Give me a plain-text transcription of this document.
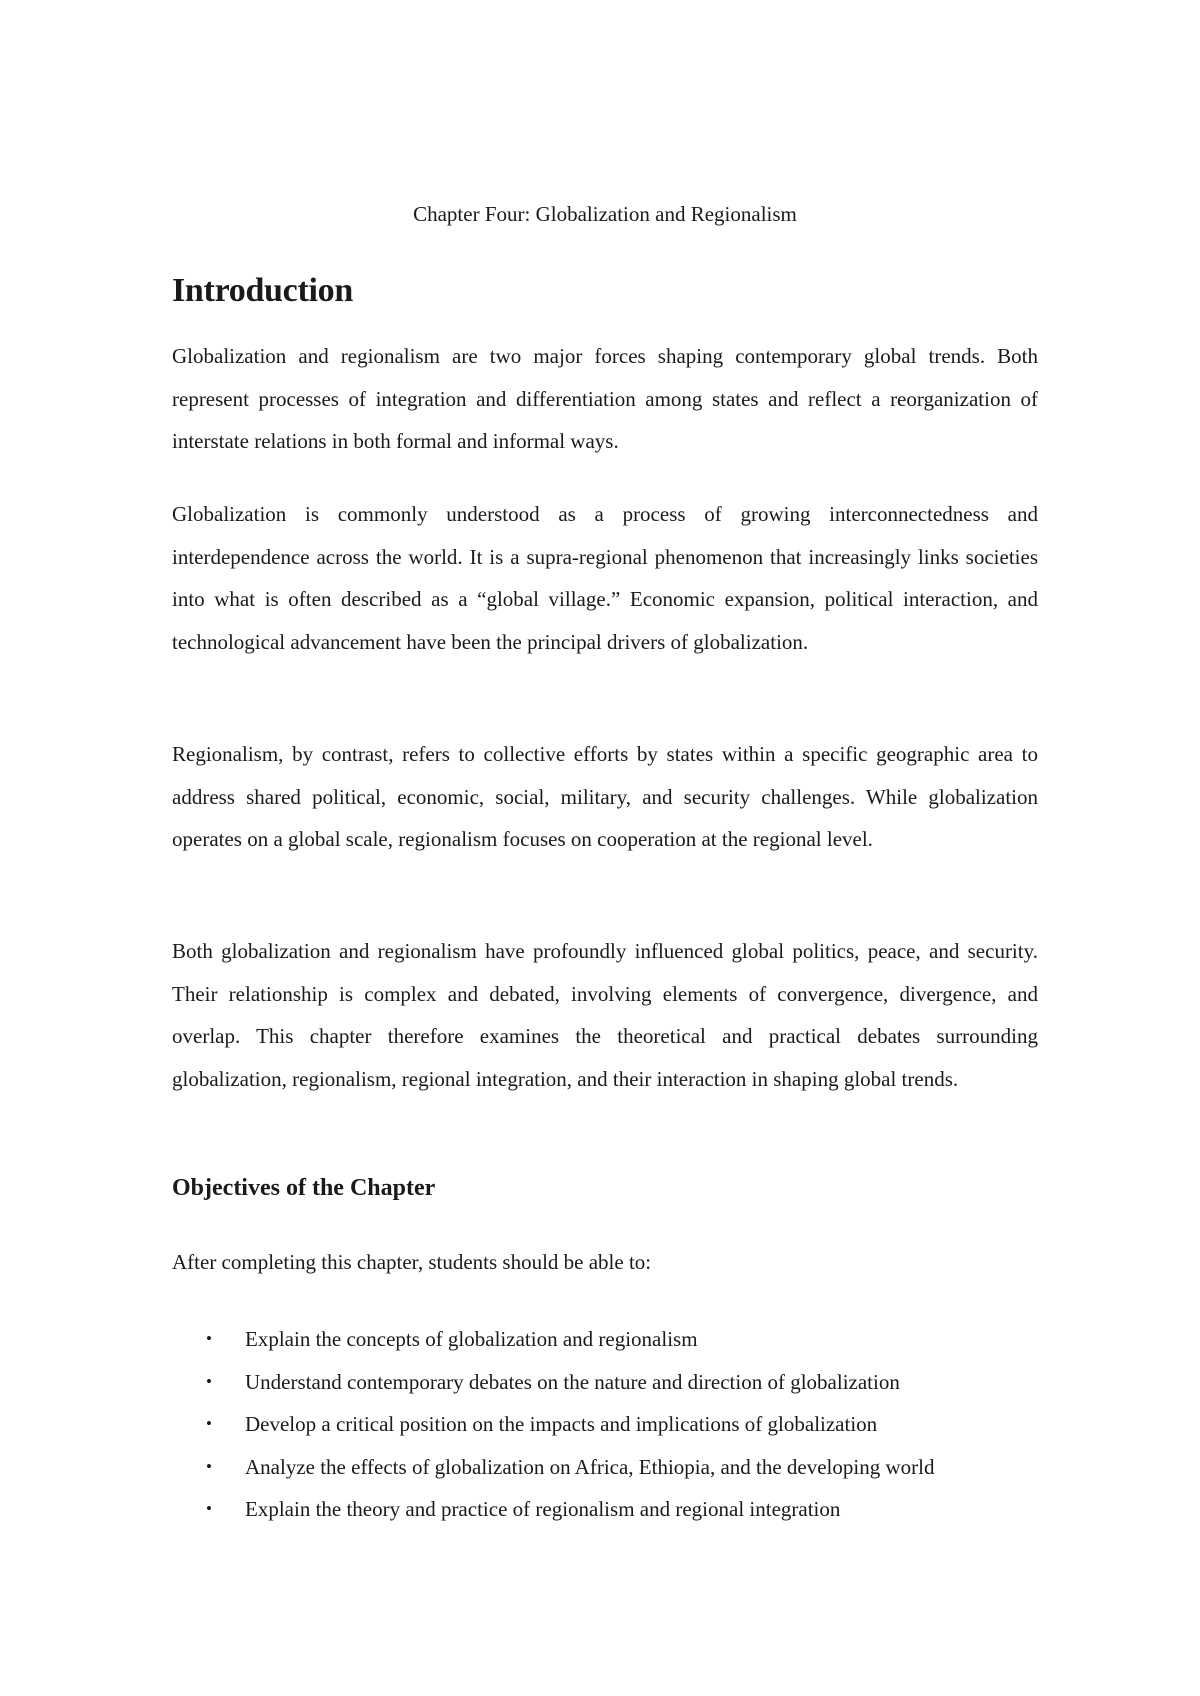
Chapter Four: Globalization and Regionalism
Introduction

Globalization and regionalism are two major forces shaping contemporary global trends. Both represent processes of integration and differentiation among states and reflect a reorganization of interstate relations in both formal and informal ways.

Globalization is commonly understood as a process of growing interconnectedness and interdependence across the world. It is a supra-regional phenomenon that increasingly links societies into what is often described as a “global village.” Economic expansion, political interaction, and technological advancement have been the principal drivers of globalization.

Regionalism, by contrast, refers to collective efforts by states within a specific geographic area to address shared political, economic, social, military, and security challenges. While globalization operates on a global scale, regionalism focuses on cooperation at the regional level.

Both globalization and regionalism have profoundly influenced global politics, peace, and security. Their relationship is complex and debated, involving elements of convergence, divergence, and overlap. This chapter therefore examines the theoretical and practical debates surrounding globalization, regionalism, regional integration, and their interaction in shaping global trends.

Objectives of the Chapter

After completing this chapter, students should be able to:

• Explain the concepts of globalization and regionalism
• Understand contemporary debates on the nature and direction of globalization
• Develop a critical position on the impacts and implications of globalization
• Analyze the effects of globalization on Africa, Ethiopia, and the developing world
• Explain the theory and practice of regionalism and regional integration
